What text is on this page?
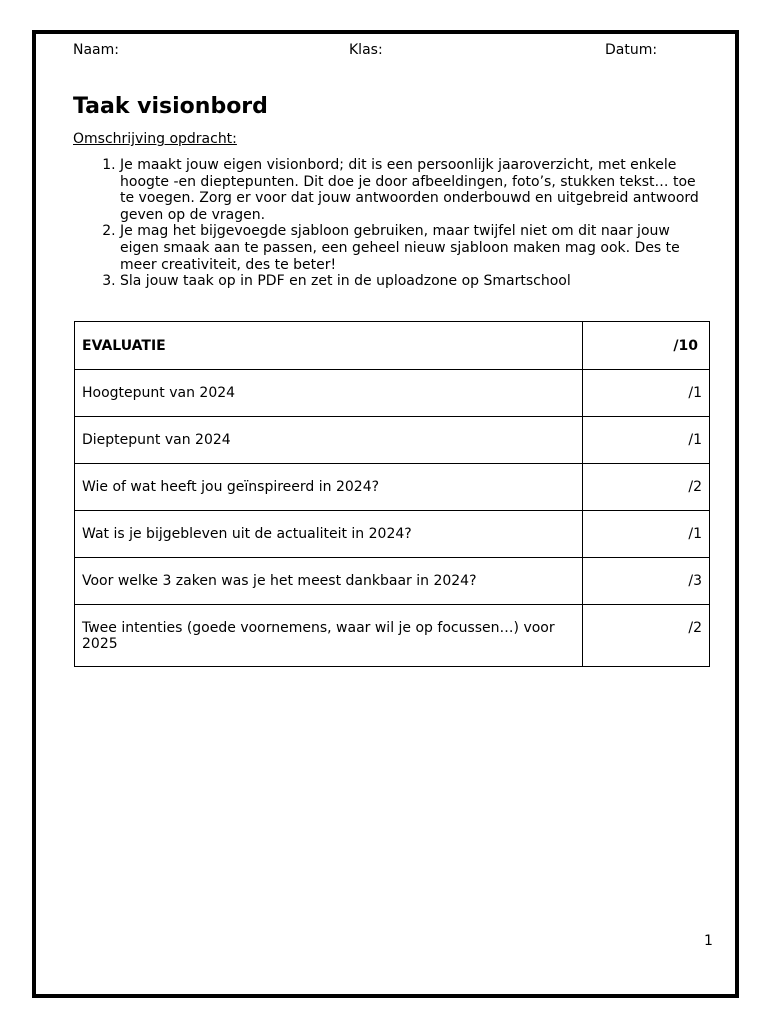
Naam:	Klas:	Datum:
Taak visionbord
Omschrijving opdracht:
1. Je maakt jouw eigen visionbord; dit is een persoonlijk jaaroverzicht, met enkele hoogte -en dieptepunten. Dit doe je door afbeeldingen, foto’s, stukken tekst… toe te voegen. Zorg er voor dat jouw antwoorden onderbouwd en uitgebreid antwoord geven op de vragen.
2. Je mag het bijgevoegde sjabloon gebruiken, maar twijfel niet om dit naar jouw eigen smaak aan te passen, een geheel nieuw sjabloon maken mag ook. Des te meer creativiteit, des te beter!
3. Sla jouw taak op in PDF en zet in de uploadzone op Smartschool
EVALUATIE	/10
Hoogtepunt van 2024	/1
Dieptepunt van 2024	/1
Wie of wat heeft jou geïnspireerd in 2024?	/2
Wat is je bijgebleven uit de actualiteit in 2024?	/1
Voor welke 3 zaken was je het meest dankbaar in 2024?	/3
Twee intenties (goede voornemens, waar wil je op focussen…) voor 2025	/2
1
